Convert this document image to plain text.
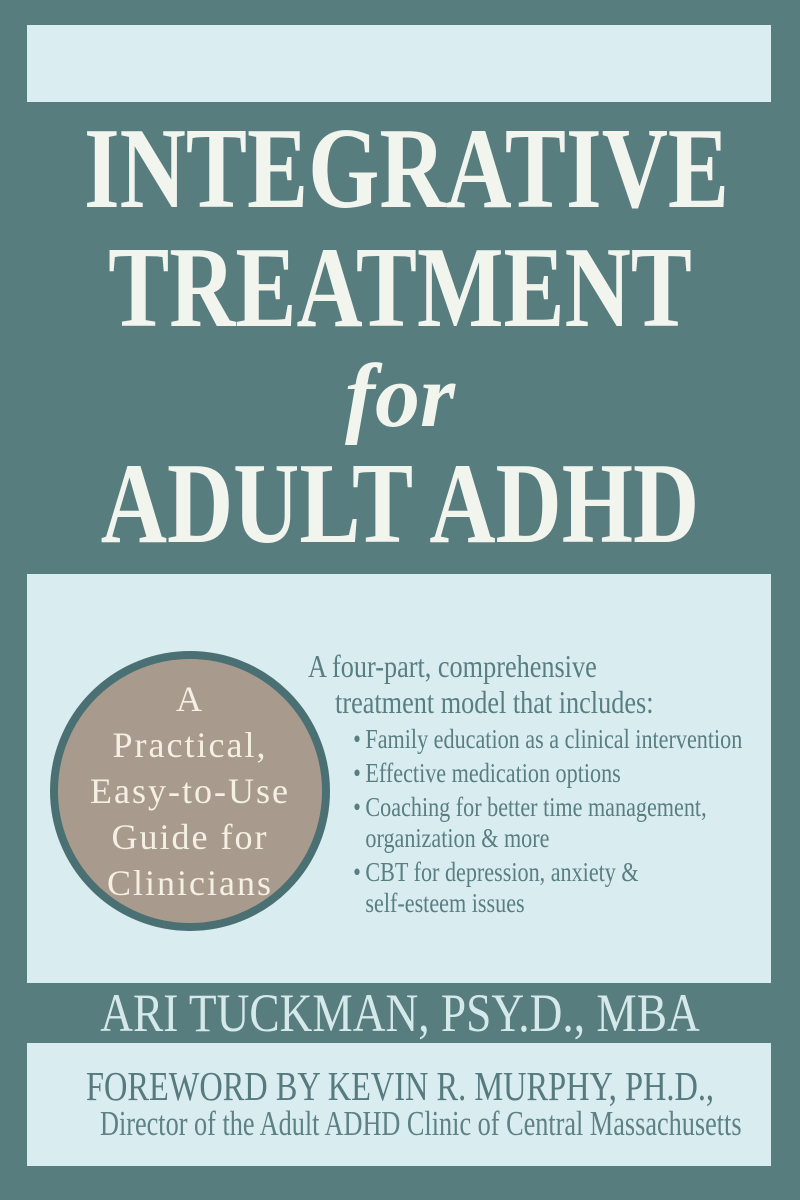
INTEGRATIVE
TREATMENT
for
ADULT ADHD
A
Practical,
Easy-to-Use
Guide for
Clinicians
A four-part, comprehensive
treatment model that includes:
• Family education as a clinical intervention
• Effective medication options
• Coaching for better time management,
organization & more
• CBT for depression, anxiety &
self-esteem issues
ARI TUCKMAN, PSY.D., MBA
FOREWORD BY KEVIN R. MURPHY, PH.D.,
Director of the Adult ADHD Clinic of Central Massachusetts
